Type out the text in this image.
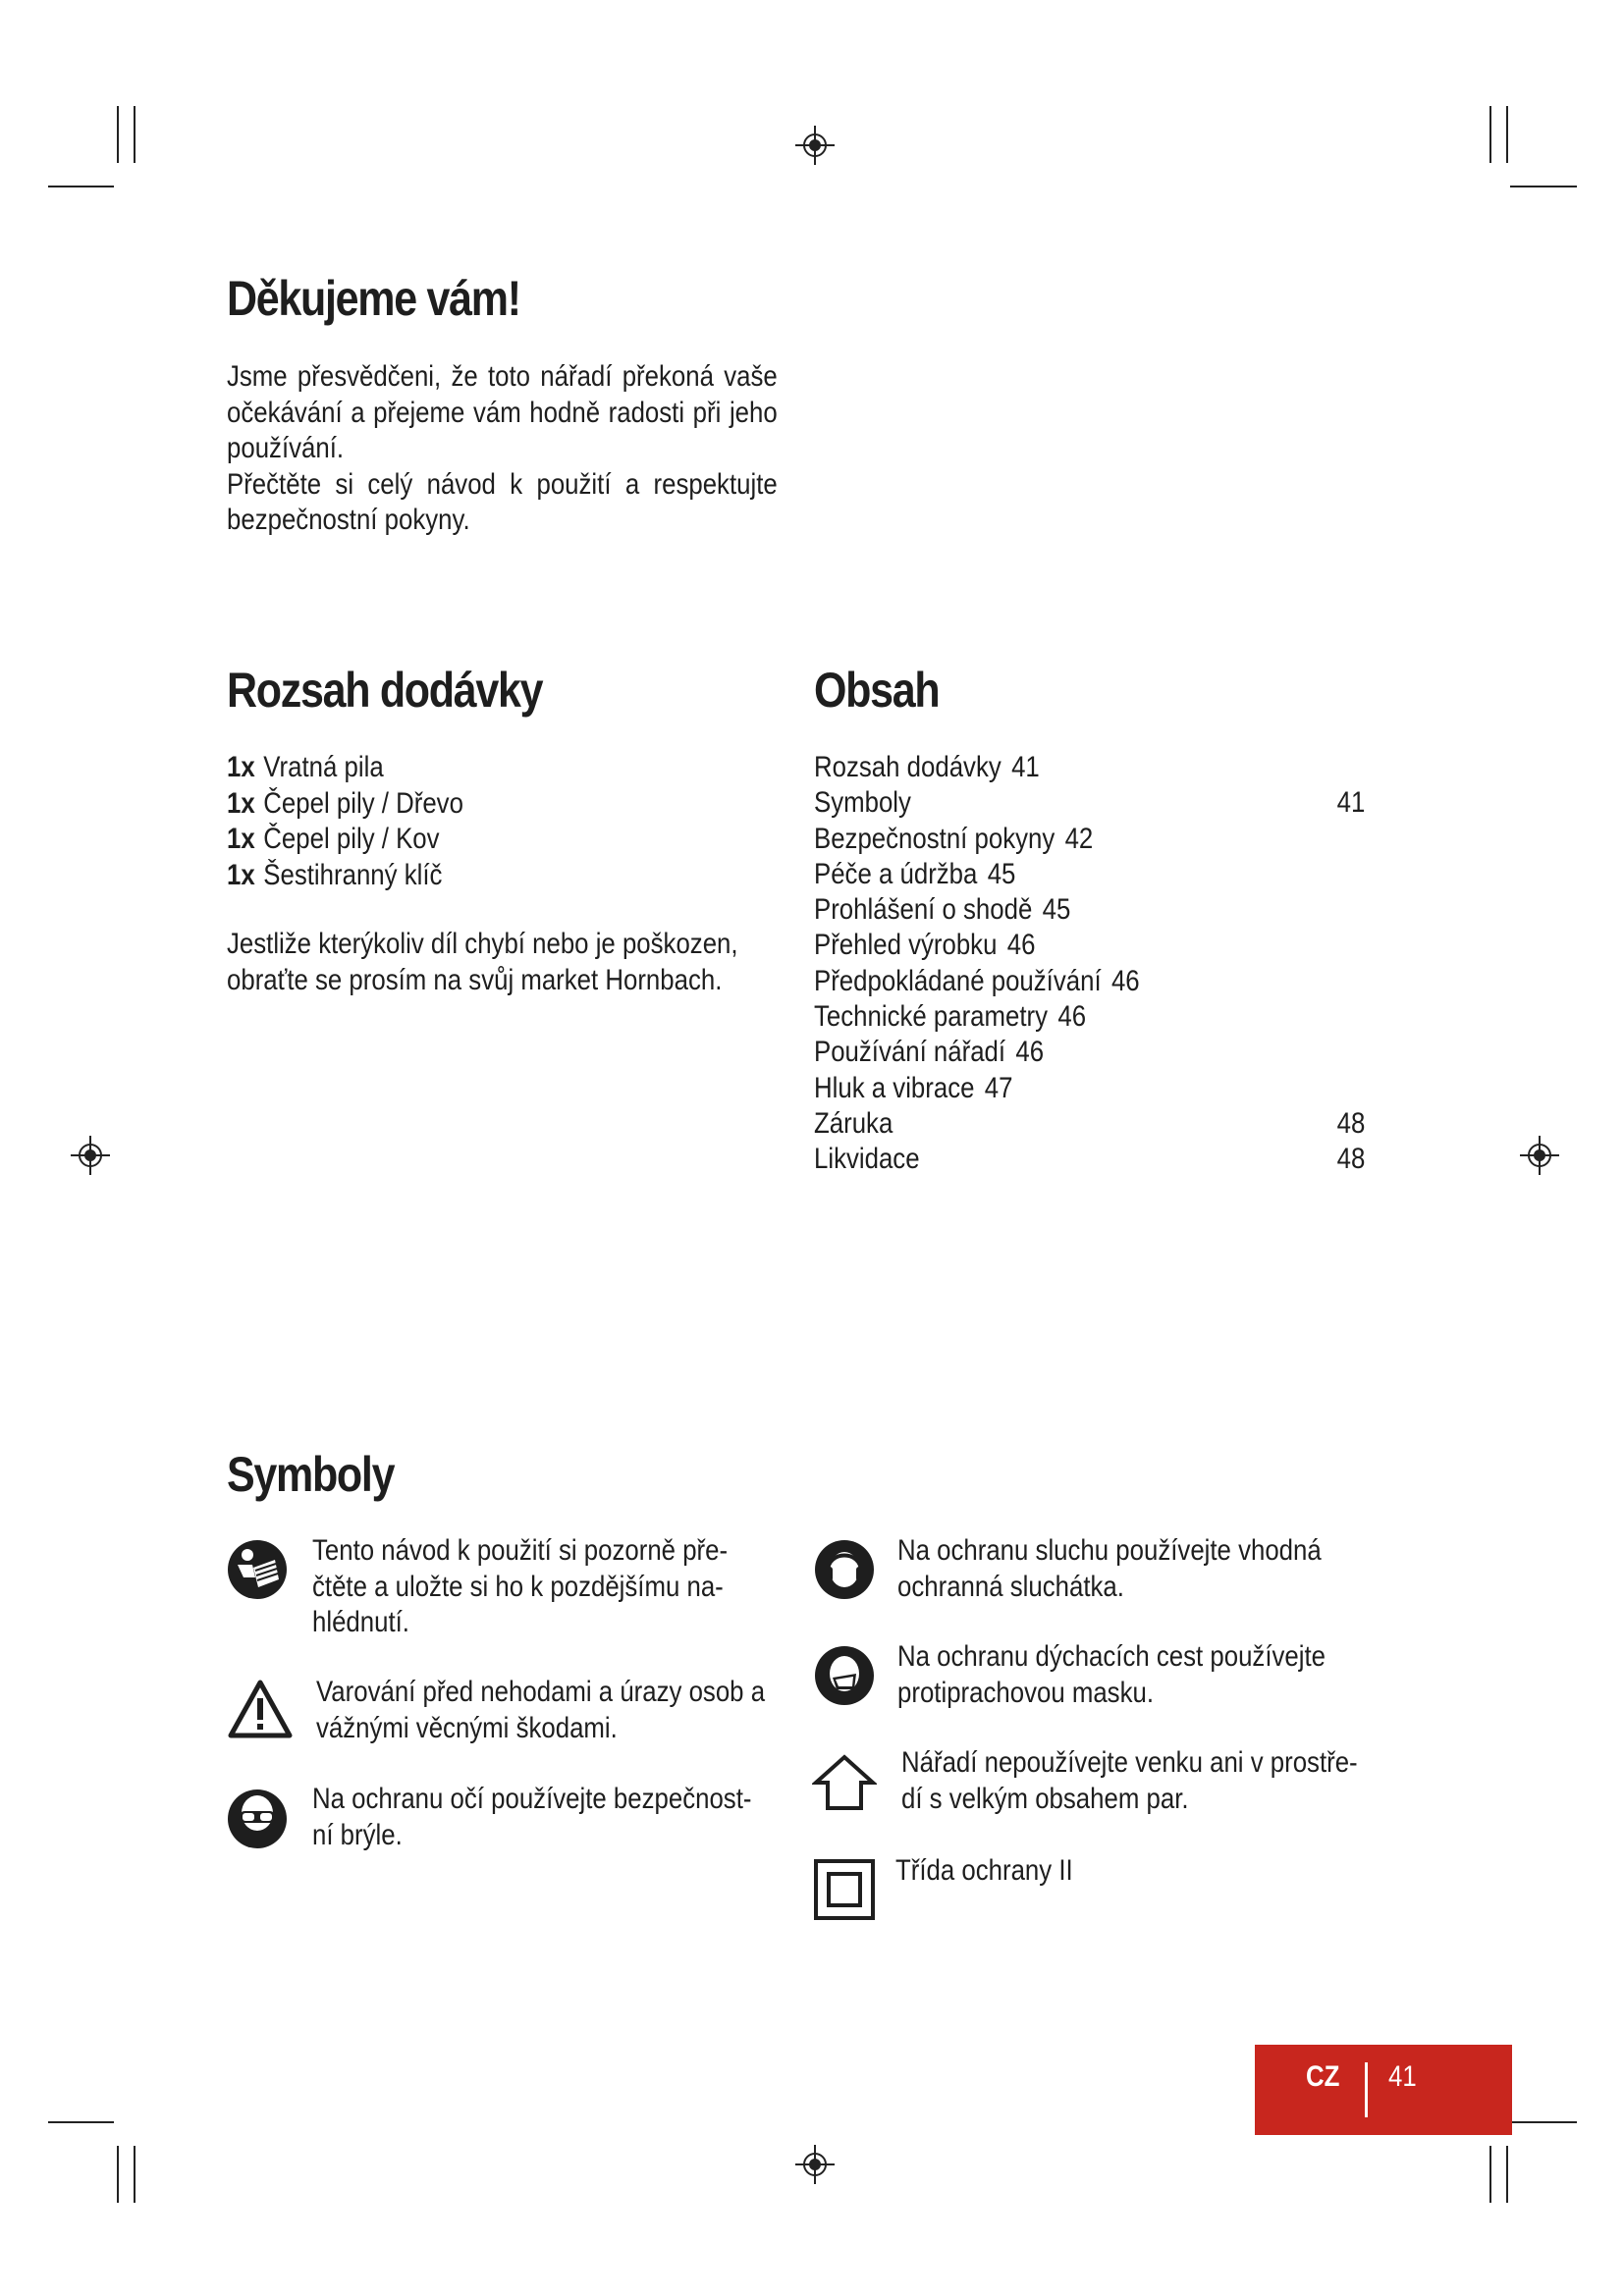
Děkujeme vám!
Jsme přesvědčeni, že toto nářadí překoná vaše očekávání a přejeme vám hodně radosti při jeho používání.
Přečtěte si celý návod k použití a respektujte bezpečnostní pokyny.
Rozsah dodávky
1x Vratná pila
1x Čepel pily / Dřevo
1x Čepel pily / Kov
1x Šestihranný klíč
Jestliže kterýkoliv díl chybí nebo je poškozen, obraťte se prosím na svůj market Hornbach.
Obsah
Rozsah dodávky 41
Symboly	41
Bezpečnostní pokyny 42
Péče a údržba 45
Prohlášení o shodě 45
Přehled výrobku 46
Předpokládané používání 46
Technické parametry 46
Používání nářadí 46
Hluk a vibrace 47
Záruka	48
Likvidace	48
Symboly
Tento návod k použití si pozorně pře-
čtěte a uložte si ho k pozdějšímu na-
hlédnutí.
Varování před nehodami a úrazy osob a
vážnými věcnými škodami.
Na ochranu očí používejte bezpečnost-
ní brýle.
Na ochranu sluchu používejte vhodná
ochranná sluchátka.
Na ochranu dýchacích cest používejte
protiprachovou masku.
Nářadí nepoužívejte venku ani v prostře-
dí s velkým obsahem par.
Třída ochrany II
CZ 41
